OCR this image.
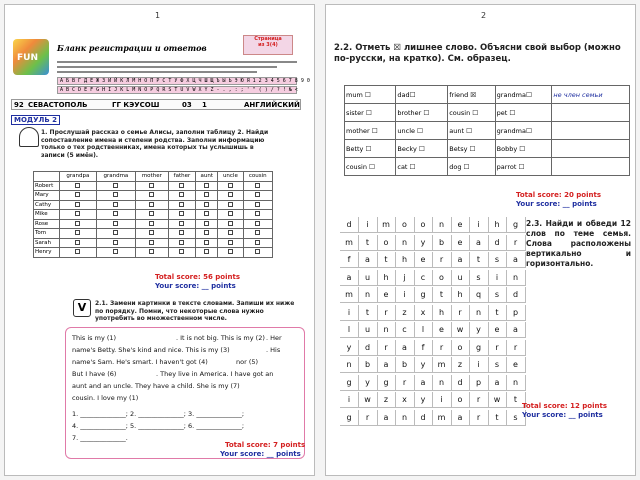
1
FUN
Бланк регистрации и ответов
Страница
из 3(4)
А Б В Г Д Е Ж З И Й К Л М Н О П Р С Т У Ф Х Ц Ч Ш Щ Ъ Ы Ь Э Ю Я 1 2 3 4 5 6 7 8 9 0
A B C D E F G H I J K L M N O P Q R S T U V W X Y Z - . , : ; ' " ( ) / ? ! № <
92 СЕВАСТОПОЛЬ	ГГ КЭУСОШ	03 1	АНГЛИЙСКИЙ
МОДУЛЬ 2
1. Прослушай рассказ о семье Алисы, заполни таблицу 2. Найди сопоставление имена и степени родства. Заполни информацию только о тех родственниках, имена которых ты услышишь в записи (5 имён).
	grandpa	grandma	mother	father	aunt	uncle	cousin
Robert							
Mary							
Cathy							
Mike							
Rose							
Tom							
Sarah							
Henry							
Total score: 56 points
Your score: __ points
V	2.1. Замени картинки в тексте словами. Запиши их ниже по порядку. Помни, что некоторые слова нужно употребить во множественном числе.
This is my (1)	. It is not big. This is my (2) . Her
name's Betty. She's kind and nice. This is my (3)	. His
name's Sam. He's smart. I haven't got (4)	nor (5)
But I have (6)	. They live in America. I have got an
aunt and an uncle. They have a child. She is my (7)
cousin. I love my (1)
1. ______________; 2. ______________; 3. ______________;
4. ______________; 5. ______________; 6. ______________;
7. ______________.
Total score: 7 points
Your score: __ points
2
2.2. Отметь ☒ лишнее слово. Объясни свой выбор (можно по-русски, на кратко). См. образец.
mum ☐	dad☐	friend ☒	grandma☐	не член семьи
sister ☐	brother ☐	cousin ☐	pet ☐	
mother ☐	uncle ☐	aunt ☐	grandma☐	
Betty ☐	Becky ☐	Betsy ☐	Bobby ☐	
cousin ☐	cat ☐	dog ☐	parrot ☐	
Total score: 20 points
Your score: __ points
d	i	m	o	o	n	e	i	h	g
m	t	o	n	y	b	e	a	d	r
f	a	t	h	e	r	a	t	s	a
a	u	h	j	c	o	u	s	i	n
m	n	e	i	g	t	h	q	s	d
i	t	r	z	x	h	r	n	t	p
l	u	n	c	l	e	w	y	e	a
y	d	r	a	f	r	o	g	r	r
n	b	a	b	y	m	z	i	s	e
g	y	g	r	a	n	d	p	a	n
i	w	z	x	y	i	o	r	w	t
g	r	a	n	d	m	a	r	t	s
2.3. Найди и обведи 12 слов по теме семья. Слова расположены вертикально и горизонтально.
Total score: 12 points
Your score: __ points
